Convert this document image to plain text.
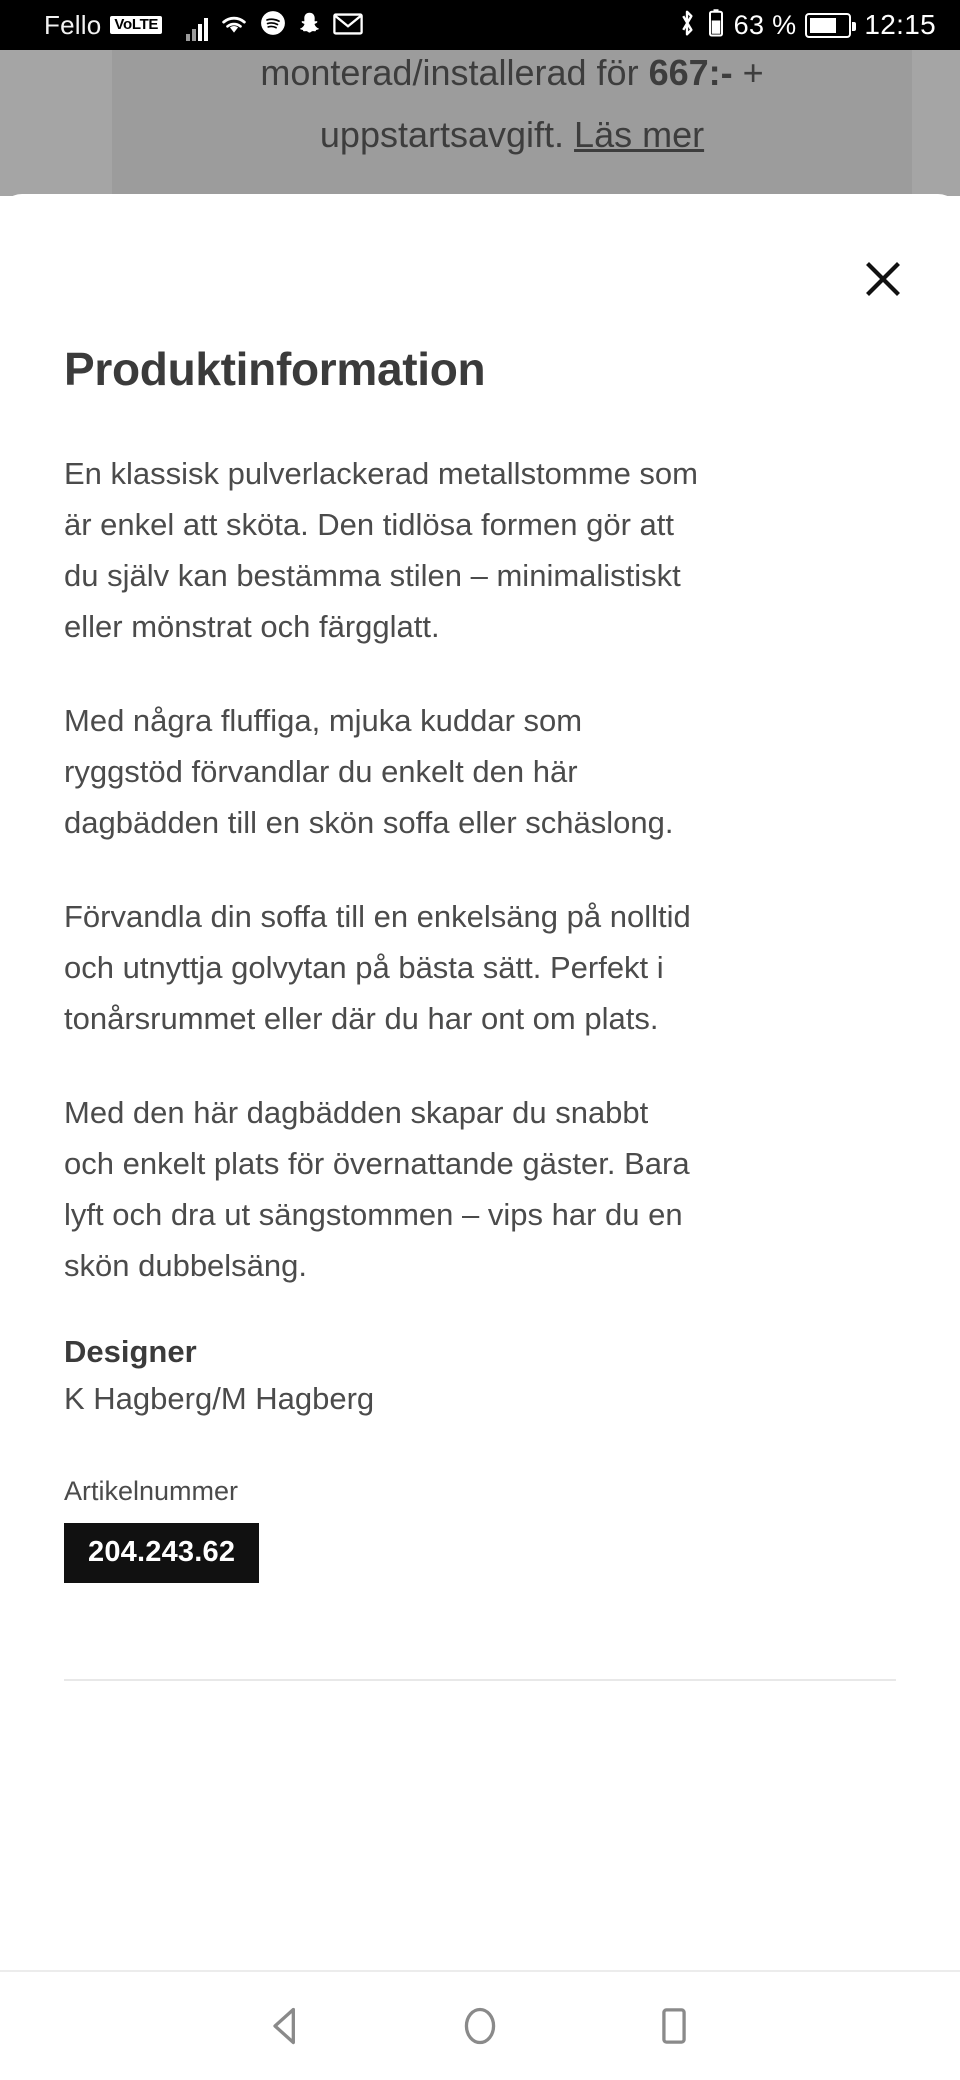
Fello VoLTE	63 % 12:15
monterad/installerad för 667:- +
uppstartsavgift. Läs mer
Produktinformation

En klassisk pulverlackerad metallstomme som är enkel att sköta. Den tidlösa formen gör att du själv kan bestämma stilen – minimalistiskt eller mönstrat och färgglatt.

Med några fluffiga, mjuka kuddar som ryggstöd förvandlar du enkelt den här dagbädden till en skön soffa eller schäslong.

Förvandla din soffa till en enkelsäng på nolltid och utnyttja golvytan på bästa sätt. Perfekt i tonårsrummet eller där du har ont om plats.

Med den här dagbädden skapar du snabbt och enkelt plats för övernattande gäster. Bara lyft och dra ut sängstommen – vips har du en skön dubbelsäng.

Designer
K Hagberg/M Hagberg
Artikelnummer
204.243.62
